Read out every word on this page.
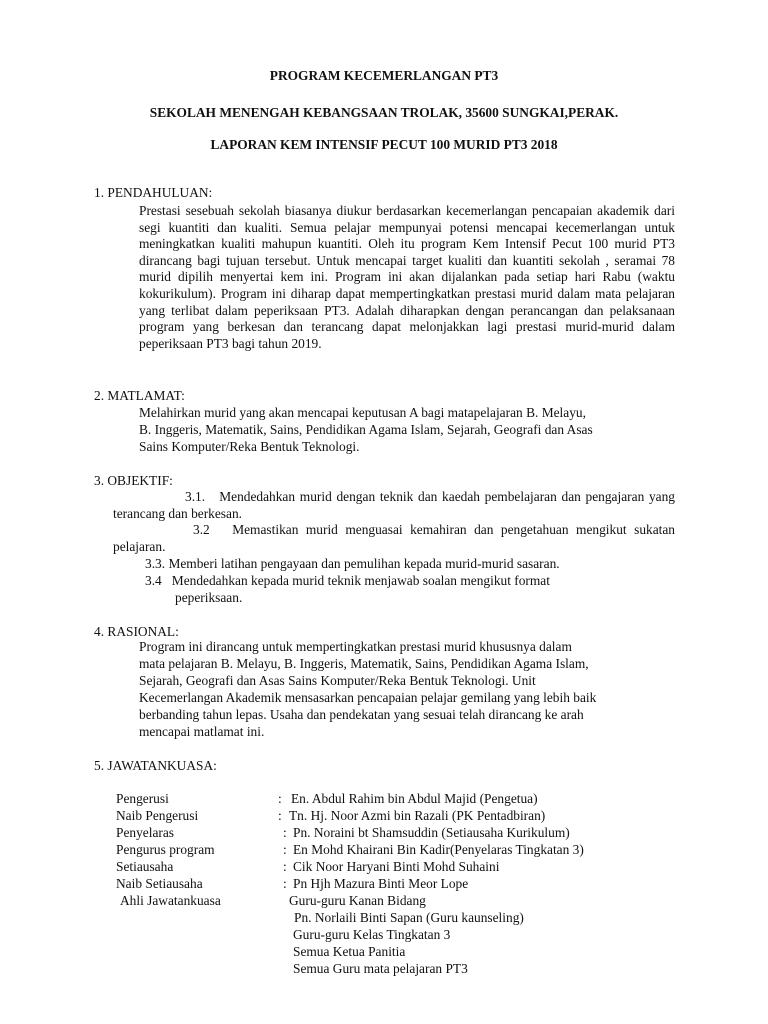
PROGRAM KECEMERLANGAN PT3
SEKOLAH MENENGAH KEBANGSAAN TROLAK, 35600 SUNGKAI,PERAK.
LAPORAN KEM INTENSIF PECUT 100 MURID PT3 2018
1. PENDAHULUAN:

Prestasi sesebuah sekolah biasanya diukur berdasarkan kecemerlangan pencapaian akademik dari segi kuantiti dan kualiti. Semua pelajar mempunyai potensi mencapai kecemerlangan untuk meningkatkan kualiti mahupun kuantiti. Oleh itu program Kem Intensif Pecut 100 murid PT3 dirancang bagi tujuan tersebut. Untuk mencapai target kualiti dan kuantiti sekolah , seramai 78 murid dipilih menyertai kem ini. Program ini akan dijalankan pada setiap hari Rabu (waktu kokurikulum). Program ini diharap dapat mempertingkatkan prestasi murid dalam mata pelajaran yang terlibat dalam peperiksaan PT3. Adalah diharapkan dengan perancangan dan pelaksanaan program yang berkesan dan terancang dapat melonjakkan lagi prestasi murid-murid dalam peperiksaan PT3 bagi tahun 2019.

2. MATLAMAT:
Melahirkan murid yang akan mencapai keputusan A bagi matapelajaran B. Melayu,
B. Inggeris, Matematik, Sains, Pendidikan Agama Islam, Sejarah, Geografi dan Asas
Sains Komputer/Reka Bentuk Teknologi.
3. OBJEKTIF:

3.1. Mendedahkan murid dengan teknik dan kaedah pembelajaran dan pengajaran yang terancang dan berkesan.

3.2 Memastikan murid menguasai kemahiran dan pengetahuan mengikut sukatan pelajaran.

3.3. Memberi latihan pengayaan dan pemulihan kepada murid-murid sasaran.
3.4 Mendedahkan kepada murid teknik menjawab soalan mengikut format
peperiksaan.
4. RASIONAL:
Program ini dirancang untuk mempertingkatkan prestasi murid khususnya dalam
mata pelajaran B. Melayu, B. Inggeris, Matematik, Sains, Pendidikan Agama Islam,
Sejarah, Geografi dan Asas Sains Komputer/Reka Bentuk Teknologi. Unit
Kecemerlangan Akademik mensasarkan pencapaian pelajar gemilang yang lebih baik
berbanding tahun lepas. Usaha dan pendekatan yang sesuai telah dirancang ke arah
mencapai matlamat ini.
5. JAWATANKUASA:
Pengerusi	: En. Abdul Rahim bin Abdul Majid (Pengetua)
Naib Pengerusi	: Tn. Hj. Noor Azmi bin Razali (PK Pentadbiran)
Penyelaras	: Pn. Noraini bt Shamsuddin (Setiausaha Kurikulum)
Pengurus program	: En Mohd Khairani Bin Kadir(Penyelaras Tingkatan 3)
Setiausaha	: Cik Noor Haryani Binti Mohd Suhaini
Naib Setiausaha	: Pn Hjh Mazura Binti Meor Lope
Ahli Jawatankuasa	Guru-guru Kanan Bidang
Pn. Norlaili Binti Sapan (Guru kaunseling)
Guru-guru Kelas Tingkatan 3
Semua Ketua Panitia
Semua Guru mata pelajaran PT3
